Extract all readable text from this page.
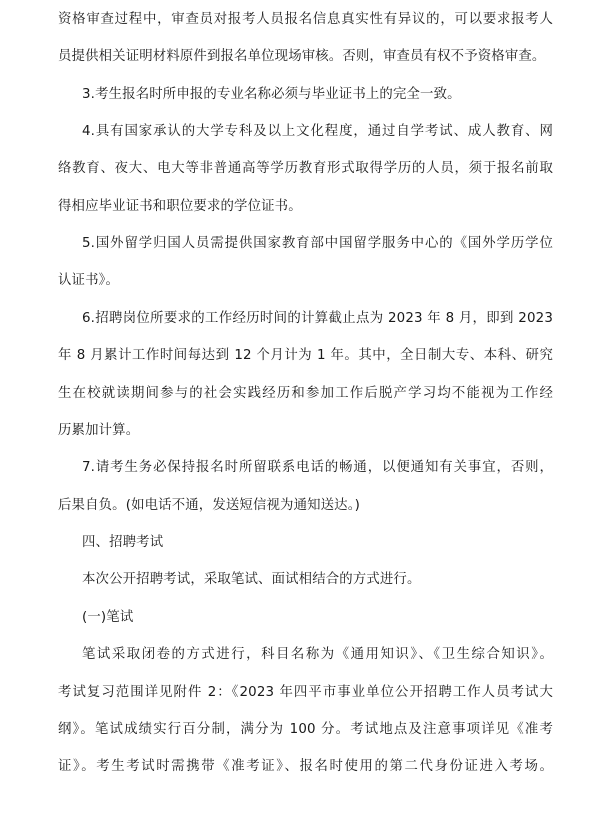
资格审查过程中，审查员对报考人员报名信息真实性有异议的，可以要求报考人
员提供相关证明材料原件到报名单位现场审核。否则，审查员有权不予资格审查。
3.考生报名时所申报的专业名称必须与毕业证书上的完全一致。
4.具有国家承认的大学专科及以上文化程度，通过自学考试、成人教育、网
络教育、夜大、电大等非普通高等学历教育形式取得学历的人员，须于报名前取
得相应毕业证书和职位要求的学位证书。
5.国外留学归国人员需提供国家教育部中国留学服务中心的《国外学历学位
认证书》。
6.招聘岗位所要求的工作经历时间的计算截止点为 2023 年 8 月，即到 2023
年 8 月累计工作时间每达到 12 个月计为 1 年。其中，全日制大专、本科、研究
生在校就读期间参与的社会实践经历和参加工作后脱产学习均不能视为工作经
历累加计算。
7.请考生务必保持报名时所留联系电话的畅通，以便通知有关事宜，否则，
后果自负。(如电话不通，发送短信视为通知送达。)
四、招聘考试
本次公开招聘考试，采取笔试、面试相结合的方式进行。
(一)笔试
笔试采取闭卷的方式进行，科目名称为《通用知识》、《卫生综合知识》。
考试复习范围详见附件 2：《2023 年四平市事业单位公开招聘工作人员考试大
纲》。笔试成绩实行百分制，满分为 100 分。考试地点及注意事项详见《准考
证》。考生考试时需携带《准考证》、报名时使用的第二代身份证进入考场。
